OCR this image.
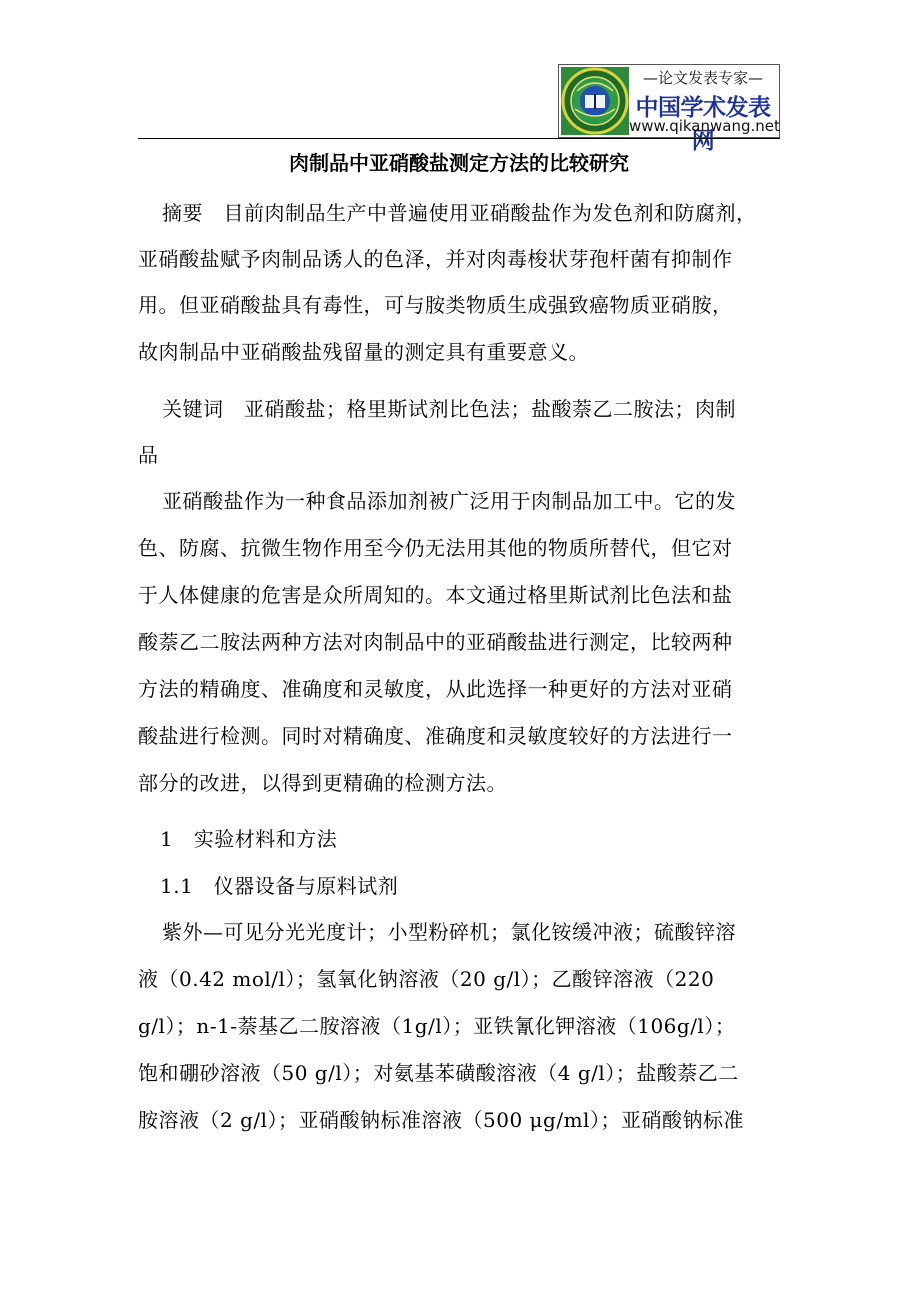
—论文发表专家—
中国学术发表网
www.qikanwang.net
肉制品中亚硝酸盐测定方法的比较研究
摘要　目前肉制品生产中普遍使用亚硝酸盐作为发色剂和防腐剂，
亚硝酸盐赋予肉制品诱人的色泽，并对肉毒梭状芽孢杆菌有抑制作
用。但亚硝酸盐具有毒性，可与胺类物质生成强致癌物质亚硝胺，
故肉制品中亚硝酸盐残留量的测定具有重要意义。
关键词　亚硝酸盐；格里斯试剂比色法；盐酸萘乙二胺法；肉制
品
亚硝酸盐作为一种食品添加剂被广泛用于肉制品加工中。它的发
色、防腐、抗微生物作用至今仍无法用其他的物质所替代，但它对
于人体健康的危害是众所周知的。本文通过格里斯试剂比色法和盐
酸萘乙二胺法两种方法对肉制品中的亚硝酸盐进行测定，比较两种
方法的精确度、准确度和灵敏度，从此选择一种更好的方法对亚硝
酸盐进行检测。同时对精确度、准确度和灵敏度较好的方法进行一
部分的改进，以得到更精确的检测方法。
1　实验材料和方法
1.1　仪器设备与原料试剂
紫外—可见分光光度计；小型粉碎机；氯化铵缓冲液；硫酸锌溶
液（0.42 mol/l）；氢氧化钠溶液（20 g/l）；乙酸锌溶液（220
g/l）；n-1-萘基乙二胺溶液（1g/l）；亚铁氰化钾溶液（106g/l）；
饱和硼砂溶液（50 g/l）；对氨基苯磺酸溶液（4 g/l）；盐酸萘乙二
胺溶液（2 g/l）；亚硝酸钠标准溶液（500 μg/ml）；亚硝酸钠标准
